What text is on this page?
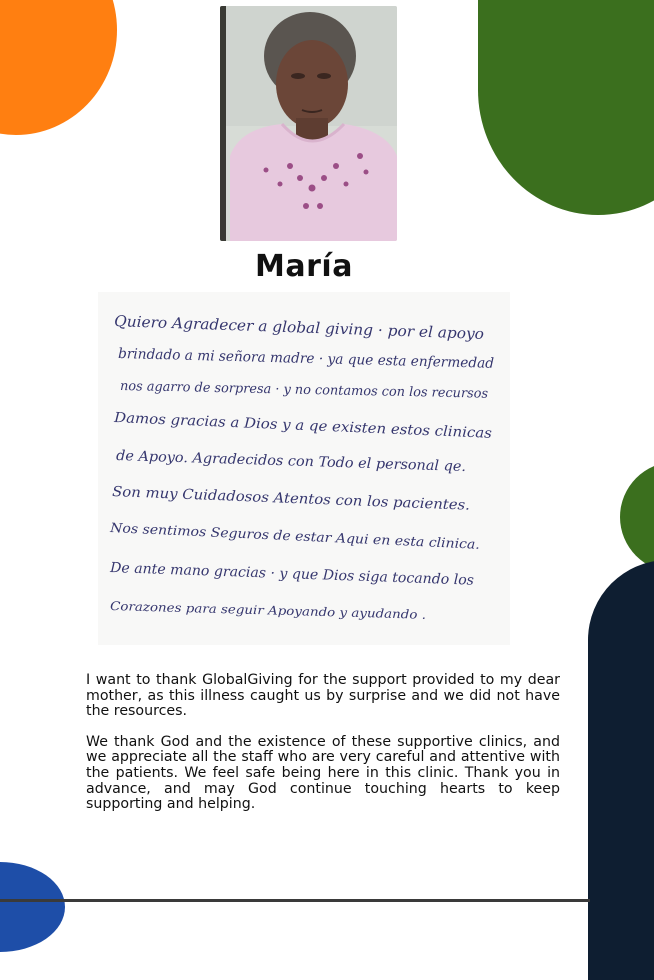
María
Quiero Agradecer a global giving · por el apoyo
brindado a mi señora madre · ya que esta enfermedad
nos agarro de sorpresa · y no contamos con los recursos
Damos gracias a Dios y a qe existen estos clinicas
de Apoyo. Agradecidos con Todo el personal qe.
Son muy Cuidadosos Atentos con los pacientes.
Nos sentimos Seguros de estar Aqui en esta clinica.
De ante mano gracias · y que Dios siga tocando los
Corazones para seguir Apoyando y ayudando .

I want to thank GlobalGiving for the support provided to my dear mother, as this illness caught us by surprise and we did not have the resources.

We thank God and the existence of these supportive clinics, and we appreciate all the staff who are very careful and attentive with the patients. We feel safe being here in this clinic. Thank you in advance, and may God continue touching hearts to keep supporting and helping.
